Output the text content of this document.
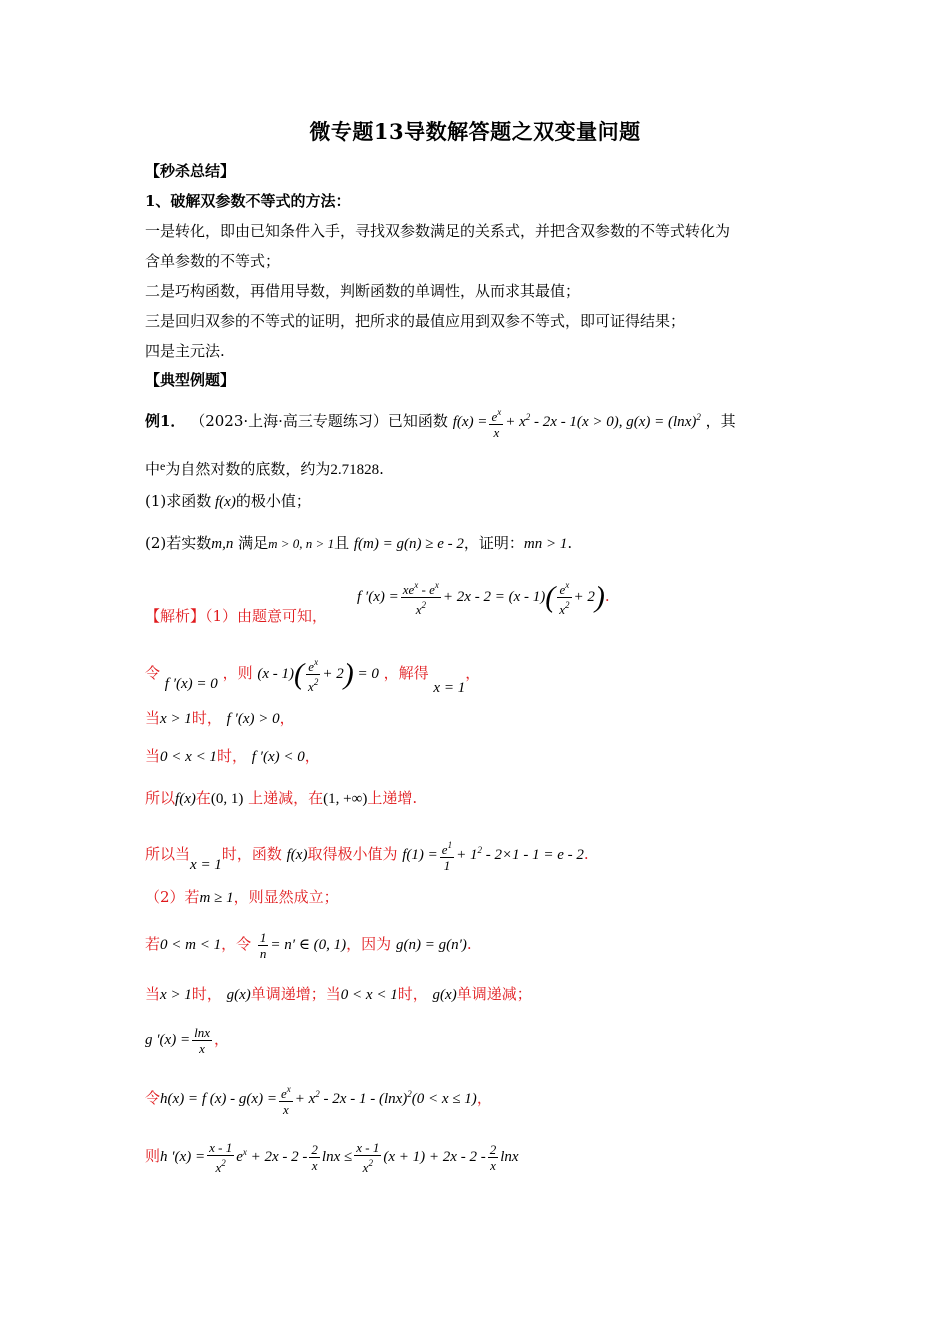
微专题13导数解答题之双变量问题
【秒杀总结】
1、破解双参数不等式的方法：
一是转化，即由已知条件入手，寻找双参数满足的关系式，并把含双参数的不等式转化为
含单参数的不等式；
二是巧构函数，再借用导数，判断函数的单调性，从而求其最值；
三是回归双参的不等式的证明，把所求的最值应用到双参不等式，即可证得结果；
四是主元法.
【典型例题】
例1． （2023·上海·高三专题练习）已知函数 $f(x) = \frac{e^x}{x} + x^2 - 2x - 1(x > 0)$, $g(x) = (\ln x)^2$ ，其
中$^e$为自然对数的底数，约为2.71828.
(1)求函数 f(x)的极小值；
(2)若实数m,n 满足m > 0, n > 1且 f(m) = g(n) ≥ e - 2，证明：mn > 1.
f $'(x) = \frac{xe^x - e^x}{x^2} + 2x - 2 = (x - 1)( \frac{e^x}{x^2} + 2)$.
【解析】（1）由题意可知，
令 f ′(x) = 0 ，则 $(x - 1)( \frac{e^x}{x^2} + 2) = 0$ ，解得 x = 1，
当x > 1时， f ′(x) > 0，
当0 < x < 1时， f ′(x) < 0，
所以f(x)在(0, 1) 上递减，在(1, +∞)上递增.
所以当x = 1时，函数 f(x)取得极小值为 $f(1) = \frac{e^1}{1} + 1^2 - 2\times 1 - 1 = e - 2$.
（2）若m ≥ 1，则显然成立；
若0 < m < 1，令 $\frac{1}{n} = n'$ ∈ (0, 1)，因为 g(n) = g(n′).
当x > 1时， g(x)单调递增；当0 < x < 1时， g(x)单调递减；
g $'(x) = \frac{\ln x}{x}$ ，
令h(x) = f $(x) - g(x) = \frac{e^x}{x} + x^2 - 2x - 1 - (\ln x)^2(0 < x \le 1)$，
则h $'(x) = \frac{x - 1}{x^2} e^x + 2x - 2 - \frac{2}{x}$ $\ln x \le \frac{x - 1}{x^2} (x + 1) + 2x - 2 - \frac{2}{x}$ lnx
